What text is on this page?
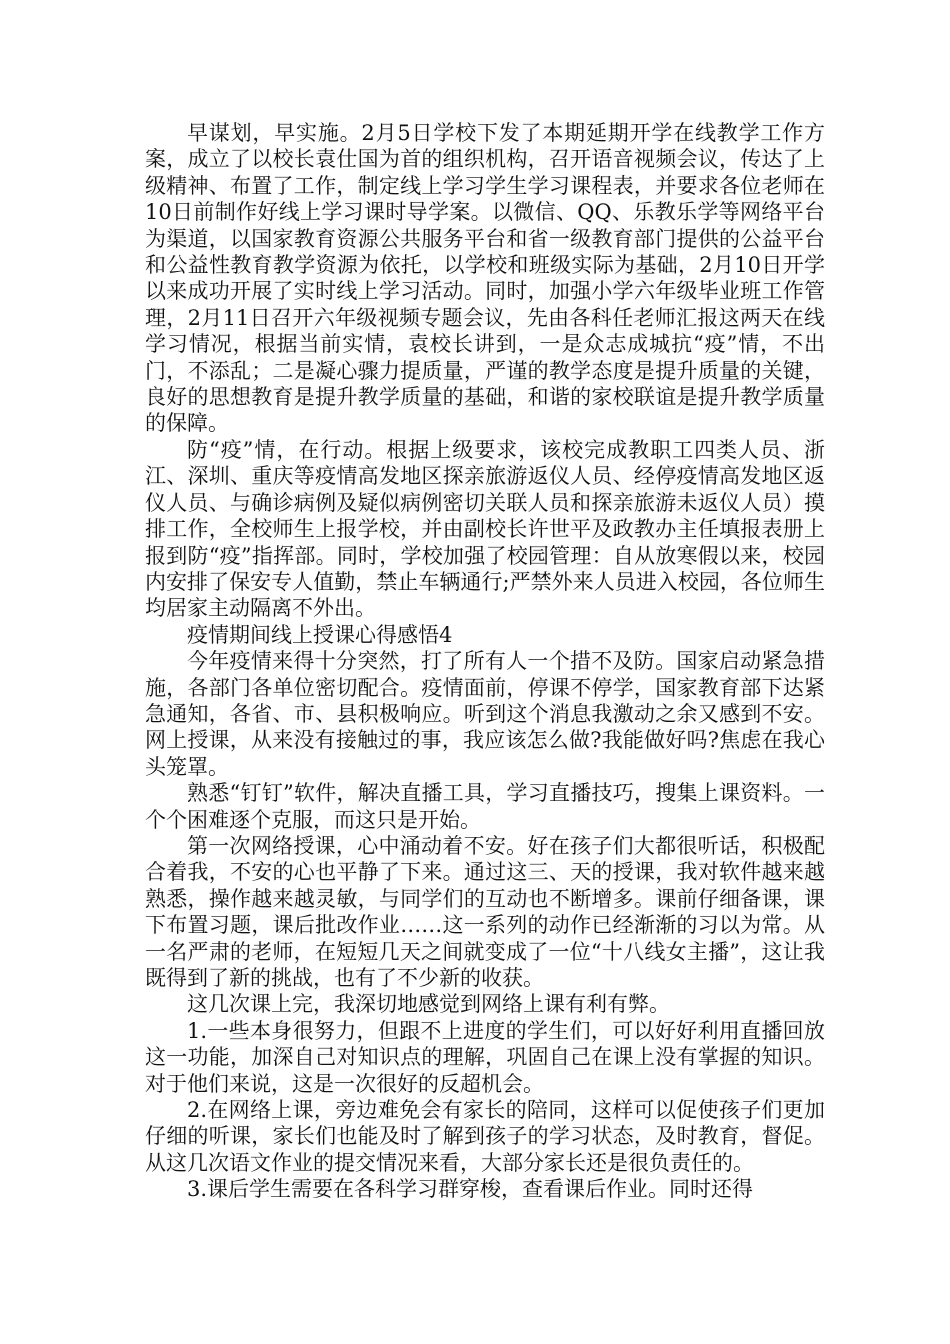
早谋划，早实施。2月5日学校下发了本期延期开学在线教学工作方案，成立了以校长袁仕国为首的组织机构，召开语音视频会议，传达了上级精神、布置了工作，制定线上学习学生学习课程表，并要求各位老师在10日前制作好线上学习课时导学案。以微信、QQ、乐教乐学等网络平台为渠道，以国家教育资源公共服务平台和省一级教育部门提供的公益平台和公益性教育教学资源为依托，以学校和班级实际为基础，2月10日开学以来成功开展了实时线上学习活动。同时，加强小学六年级毕业班工作管理，2月11日召开六年级视频专题会议，先由各科任老师汇报这两天在线学习情况，根据当前实情，袁校长讲到，一是众志成城抗“疫”情，不出门，不添乱；二是凝心骤力提质量，严谨的教学态度是提升质量的关键，良好的思想教育是提升教学质量的基础，和谐的家校联谊是提升教学质量的保障。

防“疫”情，在行动。根据上级要求，该校完成教职工四类人员、浙江、深圳、重庆等疫情高发地区探亲旅游返仪人员、经停疫情高发地区返仪人员、与确诊病例及疑似病例密切关联人员和探亲旅游未返仪人员）摸排工作，全校师生上报学校，并由副校长许世平及政教办主任填报表册上报到防“疫”指挥部。同时，学校加强了校园管理：自从放寒假以来，校园内安排了保安专人值勤，禁止车辆通行;严禁外来人员进入校园，各位师生均居家主动隔离不外出。

疫情期间线上授课心得感悟4

今年疫情来得十分突然，打了所有人一个措不及防。国家启动紧急措施，各部门各单位密切配合。疫情面前，停课不停学，国家教育部下达紧急通知，各省、市、县积极响应。听到这个消息我激动之余又感到不安。网上授课，从来没有接触过的事，我应该怎么做?我能做好吗?焦虑在我心头笼罩。

熟悉“钉钉”软件，解决直播工具，学习直播技巧，搜集上课资料。一个个困难逐个克服，而这只是开始。

第一次网络授课，心中涌动着不安。好在孩子们大都很听话，积极配合着我，不安的心也平静了下来。通过这三、天的授课，我对软件越来越熟悉，操作越来越灵敏，与同学们的互动也不断增多。课前仔细备课，课下布置习题，课后批改作业……这一系列的动作已经渐渐的习以为常。从一名严肃的老师，在短短几天之间就变成了一位“十八线女主播”，这让我既得到了新的挑战，也有了不少新的收获。

这几次课上完，我深切地感觉到网络上课有利有弊。

1.一些本身很努力，但跟不上进度的学生们，可以好好利用直播回放这一功能，加深自己对知识点的理解，巩固自己在课上没有掌握的知识。对于他们来说，这是一次很好的反超机会。

2.在网络上课，旁边难免会有家长的陪同，这样可以促使孩子们更加仔细的听课，家长们也能及时了解到孩子的学习状态，及时教育，督促。从这几次语文作业的提交情况来看，大部分家长还是很负责任的。

3.课后学生需要在各科学习群穿梭，查看课后作业。同时还得
